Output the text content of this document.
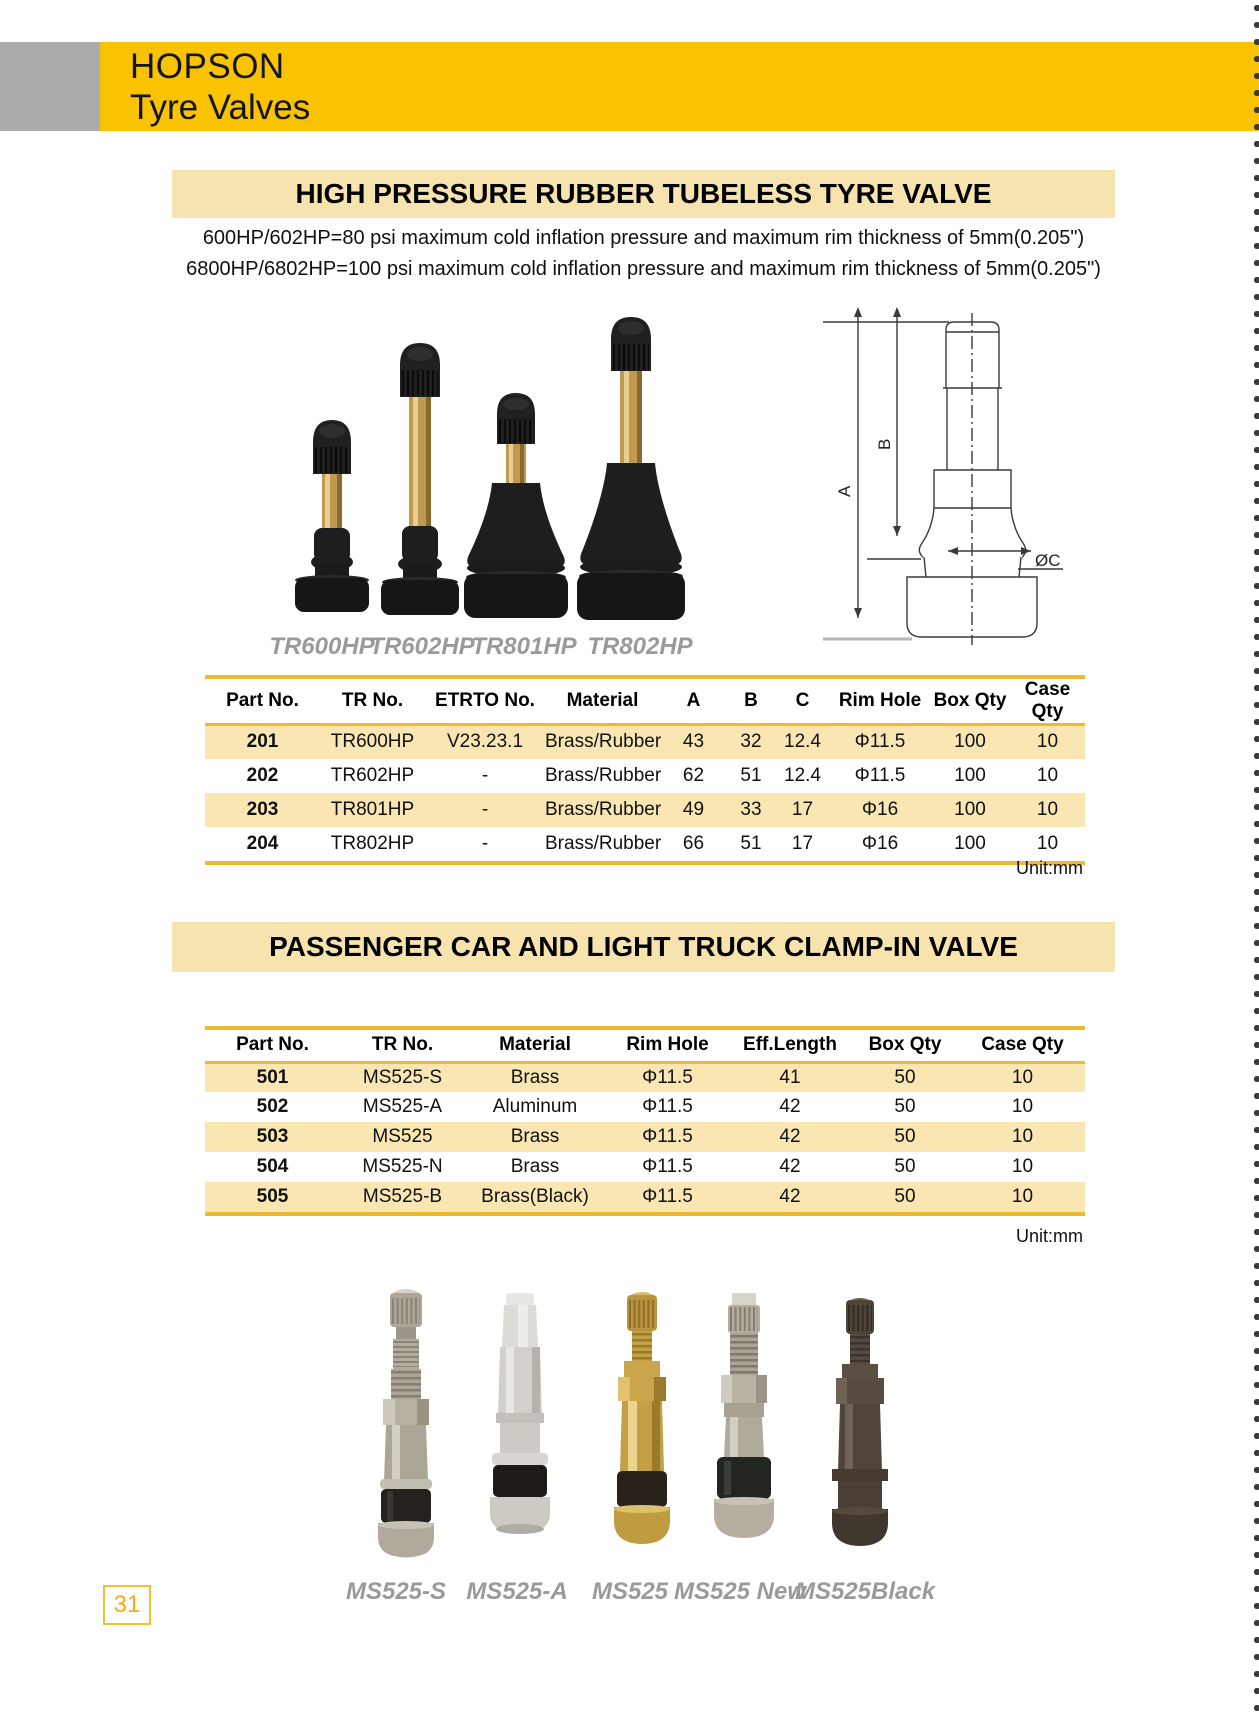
HOPSON
Tyre Valves
HIGH PRESSURE RUBBER TUBELESS TYRE VALVE
600HP/602HP=80 psi maximum cold inflation pressure and maximum rim thickness of 5mm(0.205")
6800HP/6802HP=100 psi maximum cold inflation pressure and maximum rim thickness of 5mm(0.205")
A
B
ØC
TR600HP
TR602HP
TR801HP TR802HP
Part No.	TR No.	ETRTO No.	Material	A	B	C	Rim Hole	Box Qty	Case Qty
201	TR600HP	V23.23.1	Brass/Rubber	43	32	12.4	Φ11.5	100	10
202	TR602HP	-	Brass/Rubber	62	51	12.4	Φ11.5	100	10
203	TR801HP	-	Brass/Rubber	49	33	17	Φ16	100	10
204	TR802HP	-	Brass/Rubber	66	51	17	Φ16	100	10
Unit:mm
PASSENGER CAR AND LIGHT TRUCK CLAMP-IN VALVE
Part No.	TR No.	Material	Rim Hole	Eff.Length	Box Qty	Case Qty
501	MS525-S	Brass	Φ11.5	41	50	10
502	MS525-A	Aluminum	Φ11.5	42	50	10
503	MS525	Brass	Φ11.5	42	50	10
504	MS525-N	Brass	Φ11.5	42	50	10
505	MS525-B	Brass(Black)	Φ11.5	42	50	10
Unit:mm
MS525-S MS525-A MS525 MS525 New
MS525Black
31
